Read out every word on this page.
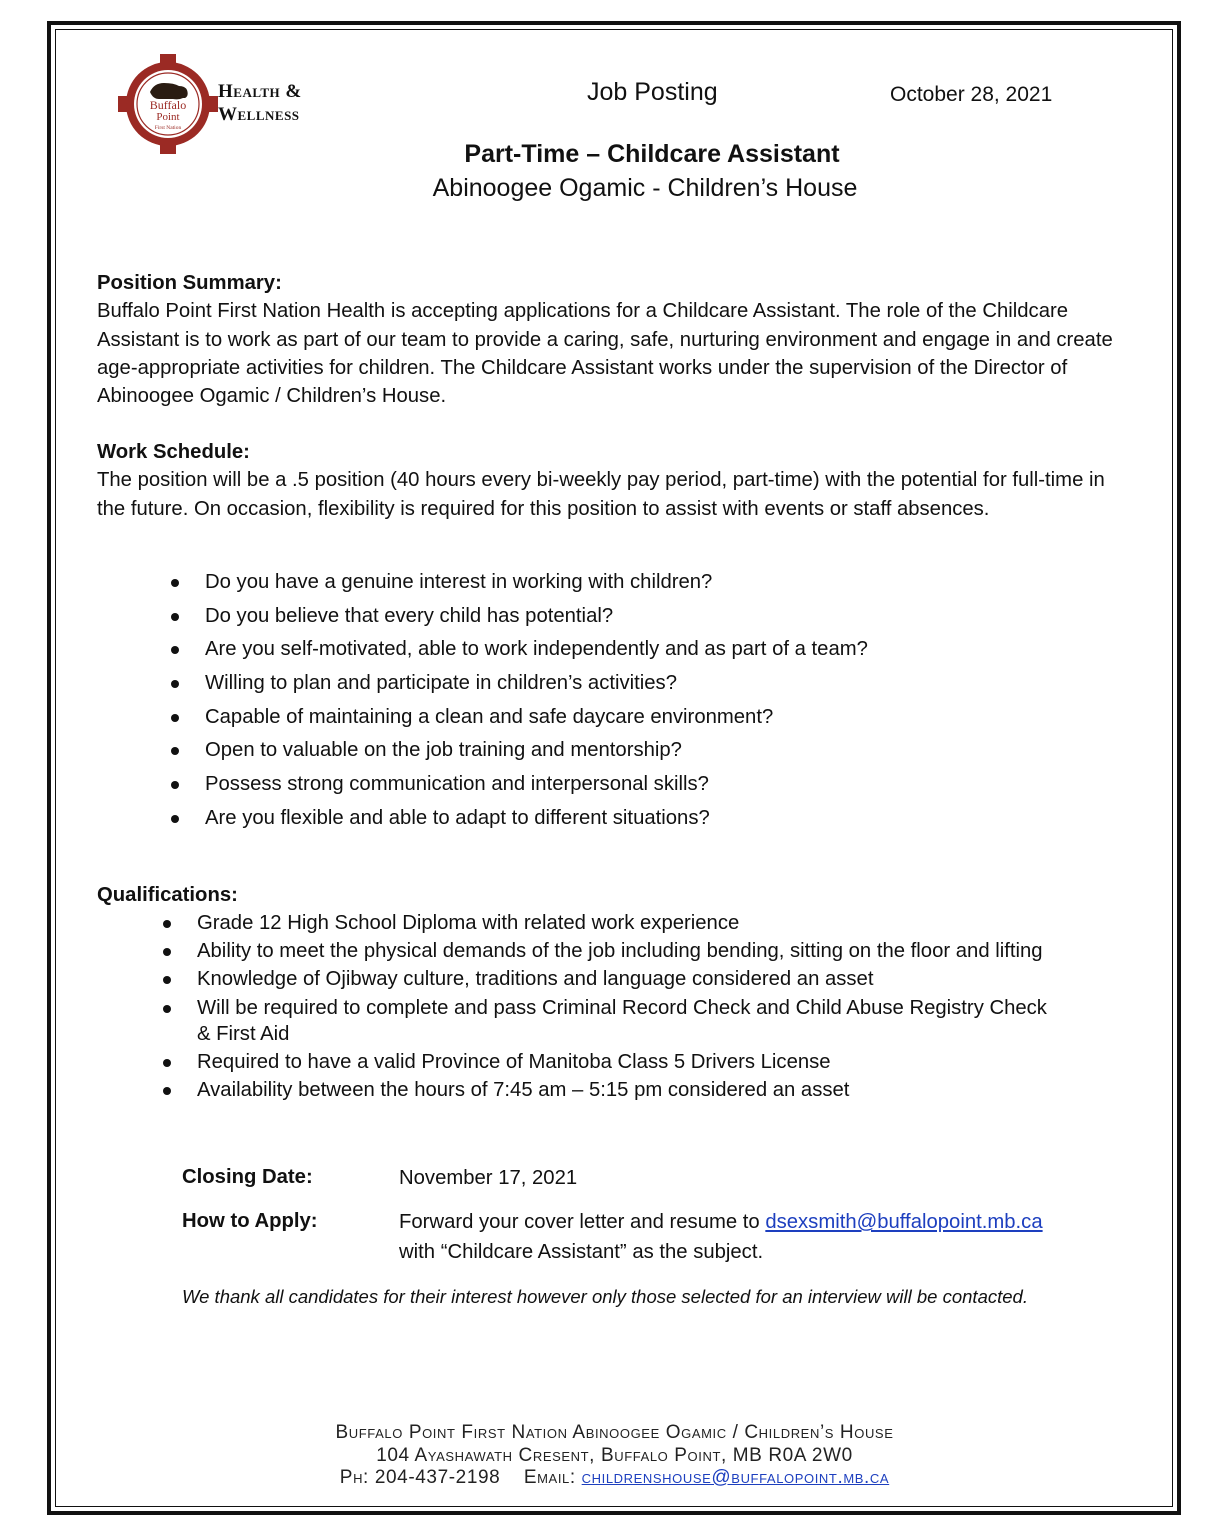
Buffalo
Point
First Nation
Health &
Wellness
Job Posting	October 28, 2021
Part-Time – Childcare Assistant
Abinoogee Ogamic - Children’s House
Position Summary:

Buffalo Point First Nation Health is accepting applications for a Childcare Assistant. The role of the Childcare Assistant is to work as part of our team to provide a caring, safe, nurturing environment and engage in and create age-appropriate activities for children. The Childcare Assistant works under the supervision of the Director of Abinoogee Ogamic / Children’s House.

Work Schedule:

The position will be a .5 position (40 hours every bi-weekly pay period, part-time) with the potential for full-time in the future. On occasion, flexibility is required for this position to assist with events or staff absences.

Do you have a genuine interest in working with children?
Do you believe that every child has potential?
Are you self-motivated, able to work independently and as part of a team?
Willing to plan and participate in children’s activities?
Capable of maintaining a clean and safe daycare environment?
Open to valuable on the job training and mentorship?
Possess strong communication and interpersonal skills?
Are you flexible and able to adapt to different situations?
Qualifications:
Grade 12 High School Diploma with related work experience
Ability to meet the physical demands of the job including bending, sitting on the floor and lifting
Knowledge of Ojibway culture, traditions and language considered an asset
Will be required to complete and pass Criminal Record Check and Child Abuse Registry Check & First Aid
Required to have a valid Province of Manitoba Class 5 Drivers License
Availability between the hours of 7:45 am – 5:15 pm considered an asset
Closing Date:	November 17, 2021
How to Apply:	Forward your cover letter and resume to dsexsmith@buffalopoint.mb.ca
with “Childcare Assistant” as the subject.
We thank all candidates for their interest however only those selected for an interview will be contacted.
Buffalo Point First Nation Abinoogee Ogamic / Children’s House
104 Ayashawath Cresent, Buffalo Point, MB R0A 2W0
Ph: 204-437-2198 Email: childrenshouse@buffalopoint.mb.ca
